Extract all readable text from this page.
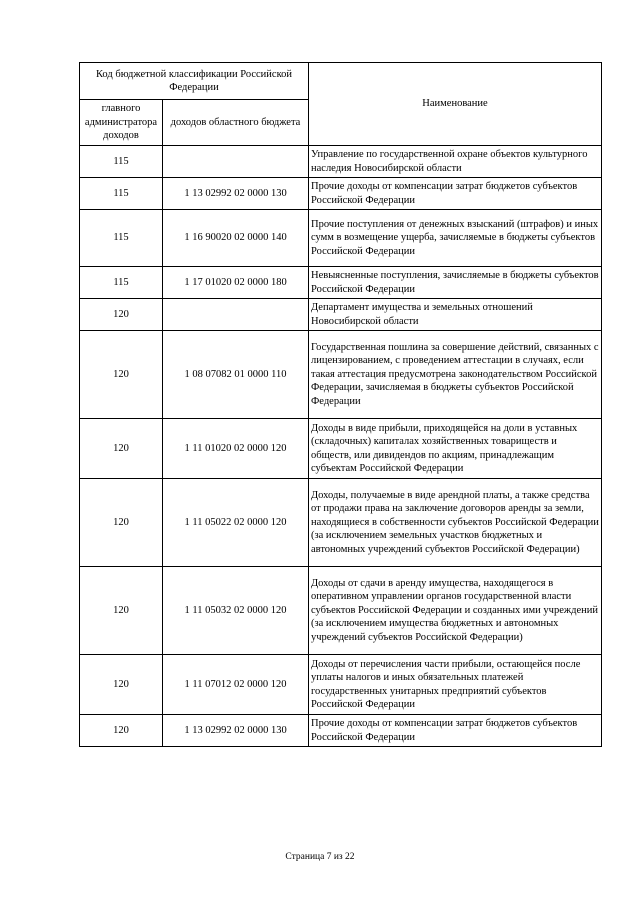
Код бюджетной классификации Российской Федерации		Наименование
главного администратора доходов	доходов областного бюджета	
115		Управление по государственной охране объектов культурного наследия Новосибирской области
115	1 13 02992 02 0000 130	Прочие доходы от компенсации затрат бюджетов субъектов Российской Федерации
115	1 16 90020 02 0000 140	Прочие поступления от денежных взысканий (штрафов) и иных сумм в возмещение ущерба, зачисляемые в бюджеты субъектов Российской Федерации
115	1 17 01020 02 0000 180	Невыясненные поступления, зачисляемые в бюджеты субъектов Российской Федерации
120		Департамент имущества и земельных отношений Новосибирской области
120	1 08 07082 01 0000 110	Государственная пошлина за совершение действий, связанных с лицензированием, с проведением аттестации в случаях, если такая аттестация предусмотрена законодательством Российской Федерации, зачисляемая в бюджеты субъектов Российской Федерации
120	1 11 01020 02 0000 120	Доходы в виде прибыли, приходящейся на доли в уставных (складочных) капиталах хозяйственных товариществ и обществ, или дивидендов по акциям, принадлежащим субъектам Российской Федерации
120	1 11 05022 02 0000 120	Доходы, получаемые в виде арендной платы, а также средства от продажи права на заключение договоров аренды за земли, находящиеся в собственности субъектов Российской Федерации (за исключением земельных участков бюджетных и автономных учреждений субъектов Российской Федерации)
120	1 11 05032 02 0000 120	Доходы от сдачи в аренду имущества, находящегося в оперативном управлении органов государственной власти субъектов Российской Федерации и созданных ими учреждений (за исключением имущества бюджетных и автономных учреждений субъектов Российской Федерации)
120	1 11 07012 02 0000 120	Доходы от перечисления части прибыли, остающейся после уплаты налогов и иных обязательных платежей государственных унитарных предприятий субъектов Российской Федерации
120	1 13 02992 02 0000 130	Прочие доходы от компенсации затрат бюджетов субъектов Российской Федерации
Страница 7 из 22
